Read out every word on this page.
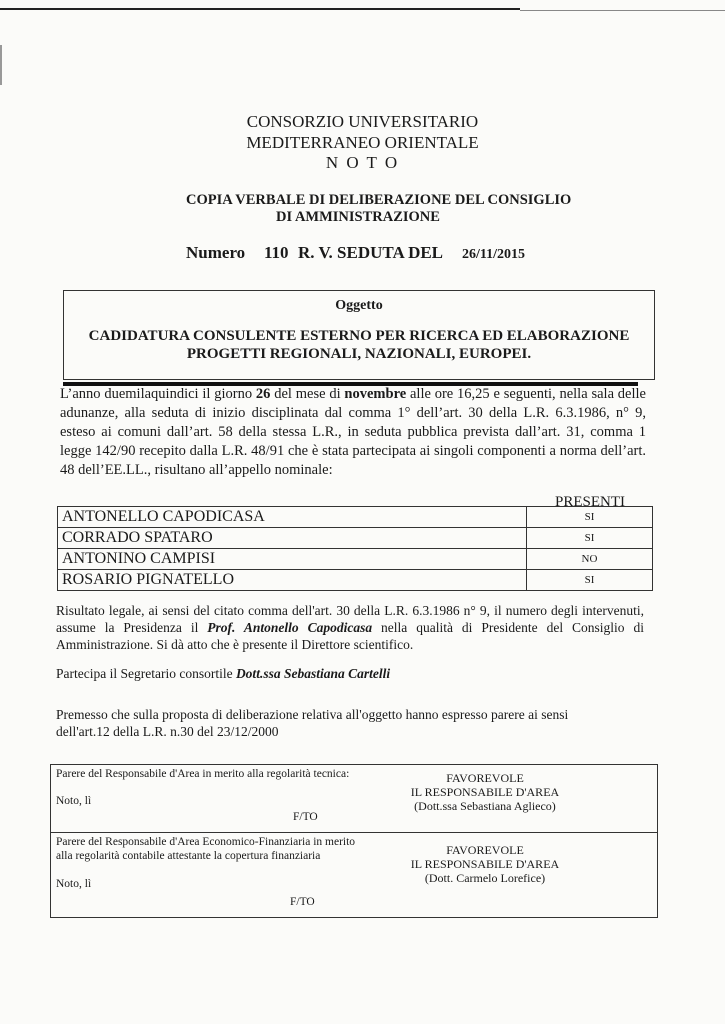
CONSORZIO UNIVERSITARIO
MEDITERRANEO ORIENTALE
N O T O
COPIA VERBALE DI DELIBERAZIONE DEL CONSIGLIO
DI AMMINISTRAZIONE
Numero 110 R. V. SEDUTA DEL 26/11/2015
Oggetto
CADIDATURA CONSULENTE ESTERNO PER RICERCA ED ELABORAZIONE
PROGETTI REGIONALI, NAZIONALI, EUROPEI.
L’anno duemilaquindici il giorno 26 del mese di novembre alle ore 16,25 e seguenti, nella sala delle adunanze, alla seduta di inizio disciplinata dal comma 1° dell’art. 30 della L.R. 6.3.1986, n° 9, esteso ai comuni dall’art. 58 della stessa L.R., in seduta pubblica prevista dall’art. 31, comma 1 legge 142/90 recepito dalla L.R. 48/91 che è stata partecipata ai singoli componenti a norma dell’art. 48 dell’EE.LL., risultano all’appello nominale:
PRESENTI
ANTONELLO CAPODICASA	SI
CORRADO SPATARO	SI
ANTONINO CAMPISI	NO
ROSARIO PIGNATELLO	SI
Risultato legale, ai sensi del citato comma dell'art. 30 della L.R. 6.3.1986 n° 9, il numero degli intervenuti, assume la Presidenza il Prof. Antonello Capodicasa nella qualità di Presidente del Consiglio di Amministrazione. Si dà atto che è presente il Direttore scientifico.
Partecipa il Segretario consortile Dott.ssa Sebastiana Cartelli
Premesso che sulla proposta di deliberazione relativa all'oggetto hanno espresso parere ai sensi dell'art.12 della L.R. n.30 del 23/12/2000
Parere del Responsabile d'Area in merito alla regolarità tecnica:
Noto, lì
F/TO
FAVOREVOLE
IL RESPONSABILE D'AREA
(Dott.ssa Sebastiana Aglieco)
Parere del Responsabile d'Area Economico-Finanziaria in merito
alla regolarità contabile attestante la copertura finanziaria
Noto, lì
F/TO
FAVOREVOLE
IL RESPONSABILE D'AREA
(Dott. Carmelo Lorefice)
